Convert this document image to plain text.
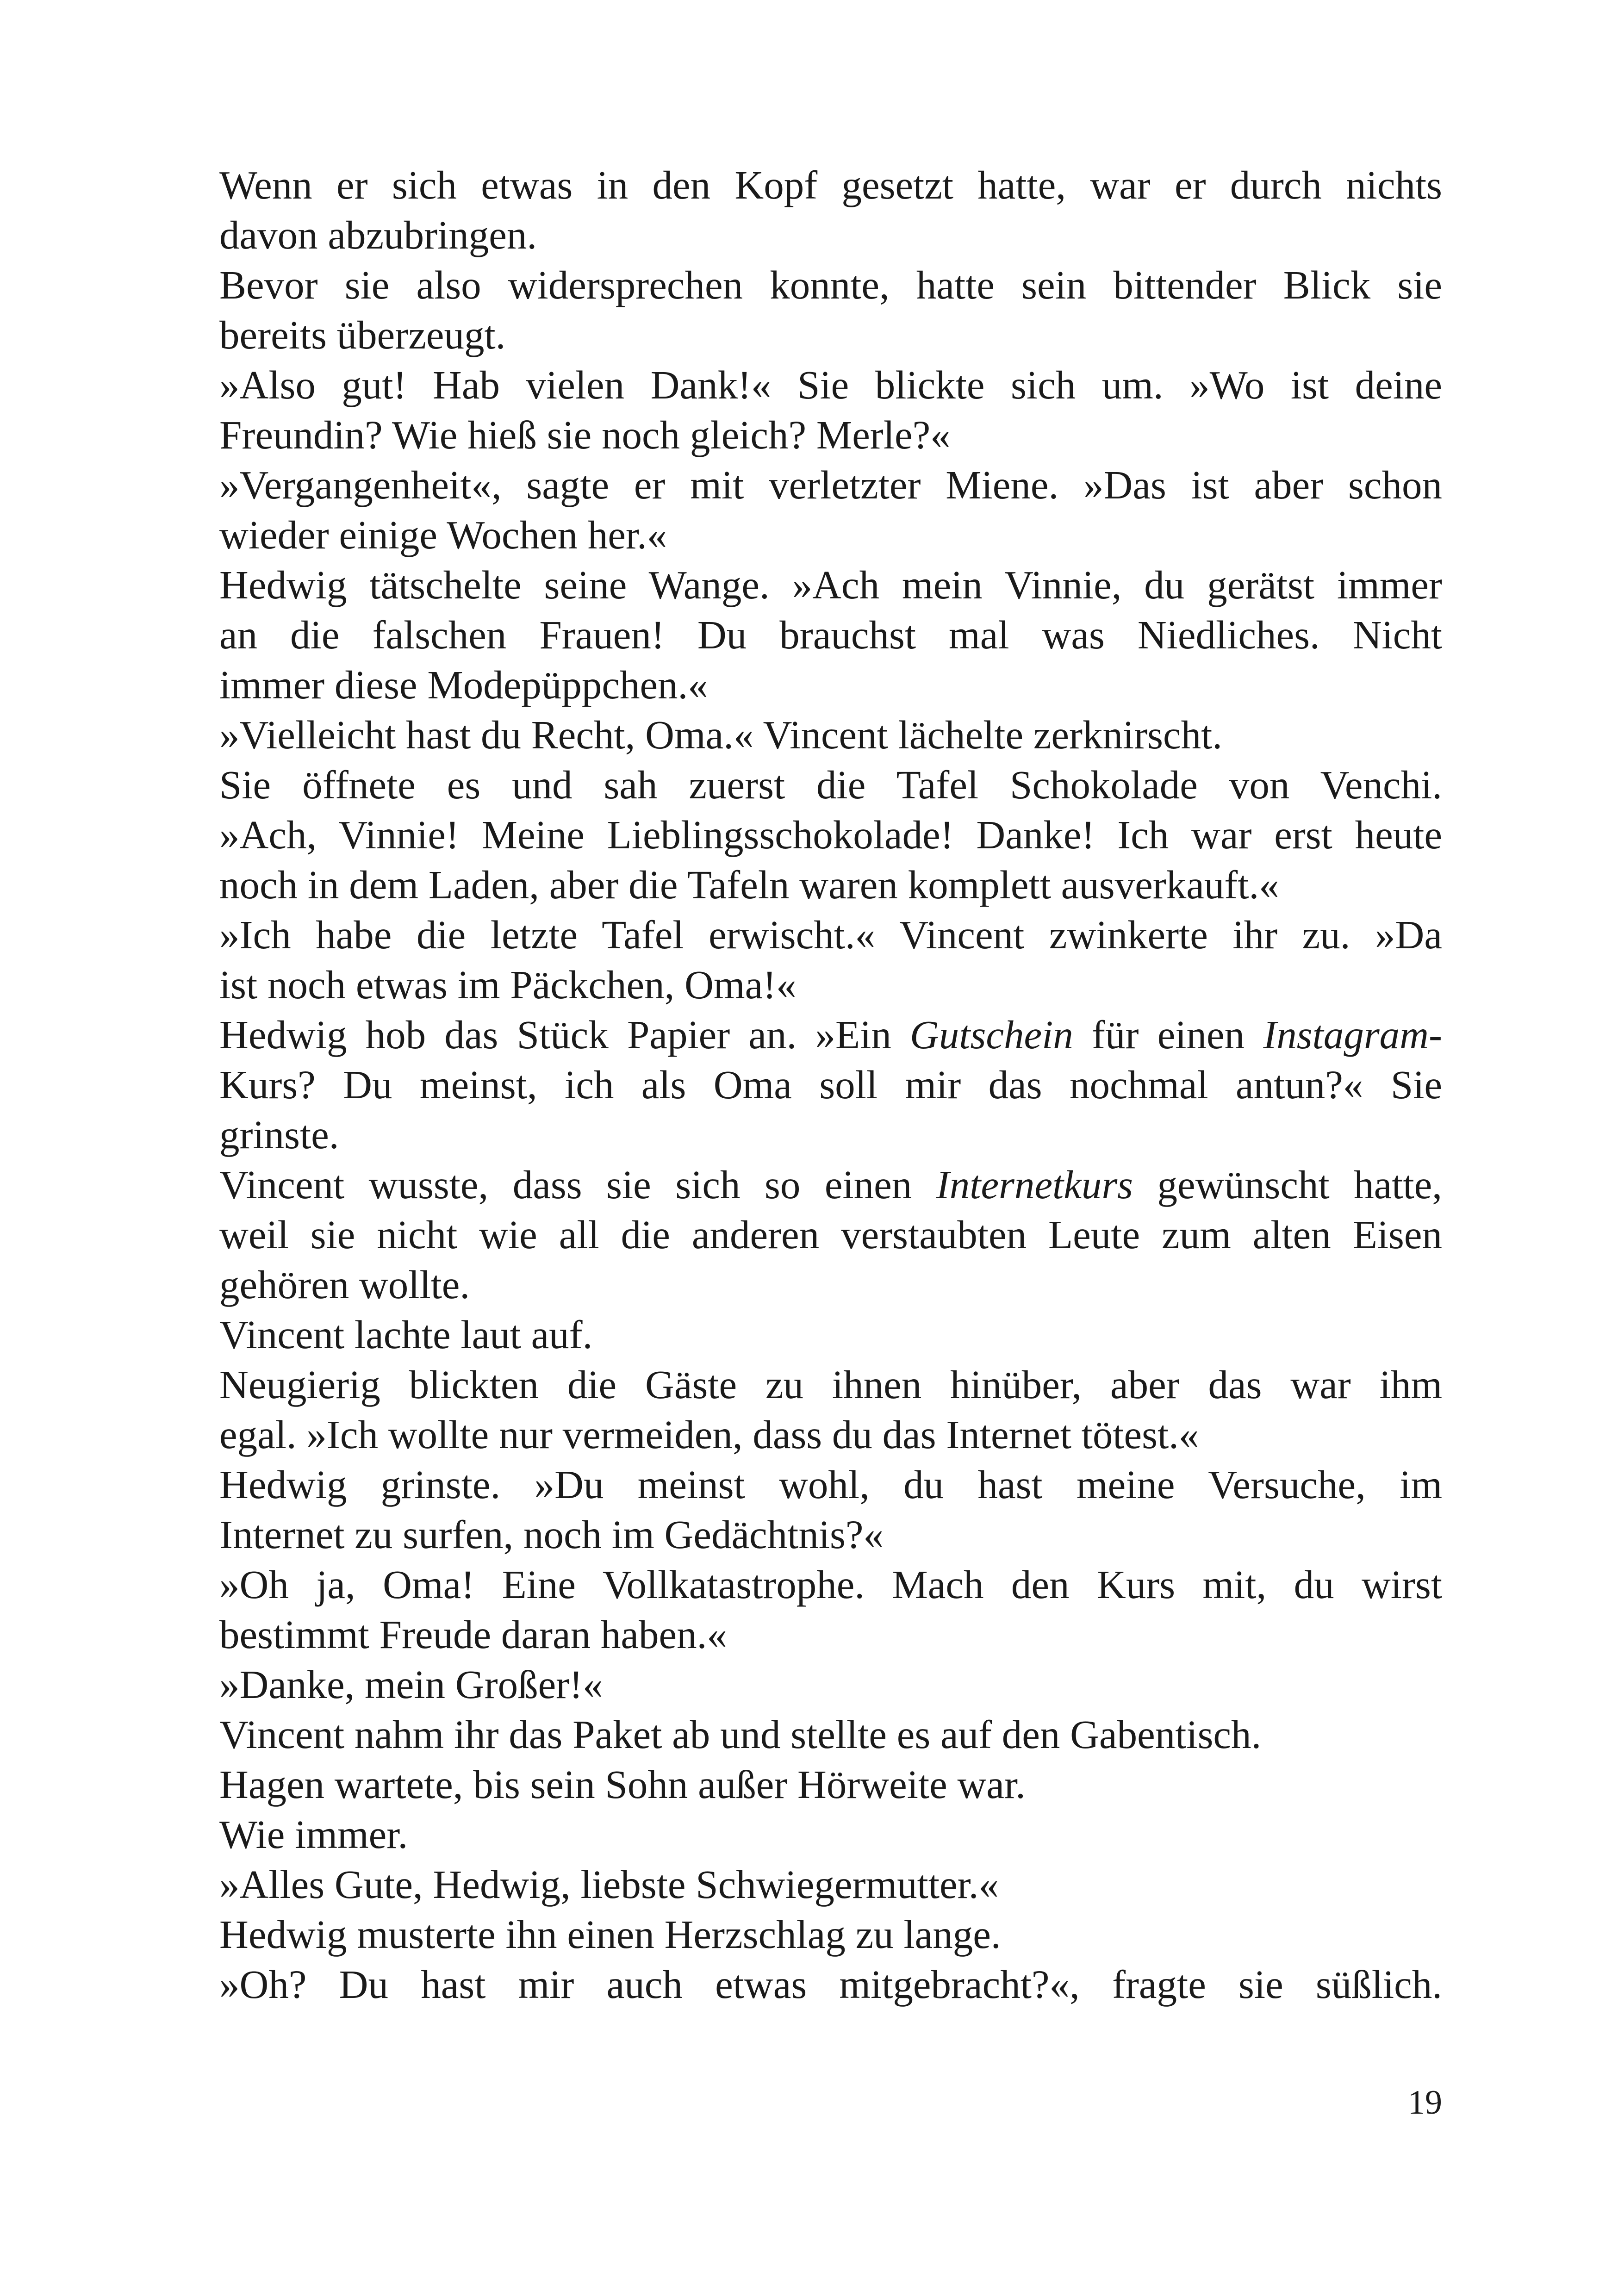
Wenn er sich etwas in den Kopf gesetzt hatte, war er durch nichts
davon abzubringen.
Bevor sie also widersprechen konnte, hatte sein bittender Blick sie
bereits überzeugt.
»Also gut! Hab vielen Dank!« Sie blickte sich um. »Wo ist deine
Freundin? Wie hieß sie noch gleich? Merle?«
»Vergangenheit«, sagte er mit verletzter Miene. »Das ist aber schon
wieder einige Wochen her.«
Hedwig tätschelte seine Wange. »Ach mein Vinnie, du gerätst immer
an die falschen Frauen! Du brauchst mal was Niedliches. Nicht
immer diese Modepüppchen.«
»Vielleicht hast du Recht, Oma.« Vincent lächelte zerknirscht.
Sie öffnete es und sah zuerst die Tafel Schokolade von Venchi.
»Ach, Vinnie! Meine Lieblingsschokolade! Danke! Ich war erst heute
noch in dem Laden, aber die Tafeln waren komplett ausverkauft.«
»Ich habe die letzte Tafel erwischt.« Vincent zwinkerte ihr zu. »Da
ist noch etwas im Päckchen, Oma!«
Hedwig hob das Stück Papier an. »Ein Gutschein für einen Instagram-
Kurs? Du meinst, ich als Oma soll mir das nochmal antun?« Sie
grinste.
Vincent wusste, dass sie sich so einen Internetkurs gewünscht hatte,
weil sie nicht wie all die anderen verstaubten Leute zum alten Eisen
gehören wollte.
Vincent lachte laut auf.
Neugierig blickten die Gäste zu ihnen hinüber, aber das war ihm
egal. »Ich wollte nur vermeiden, dass du das Internet tötest.«
Hedwig grinste. »Du meinst wohl, du hast meine Versuche, im
Internet zu surfen, noch im Gedächtnis?«
»Oh ja, Oma! Eine Vollkatastrophe. Mach den Kurs mit, du wirst
bestimmt Freude daran haben.«
»Danke, mein Großer!«
Vincent nahm ihr das Paket ab und stellte es auf den Gabentisch.
Hagen wartete, bis sein Sohn außer Hörweite war.
Wie immer.
»Alles Gute, Hedwig, liebste Schwiegermutter.«
Hedwig musterte ihn einen Herzschlag zu lange.
»Oh? Du hast mir auch etwas mitgebracht?«, fragte sie süßlich.
19
